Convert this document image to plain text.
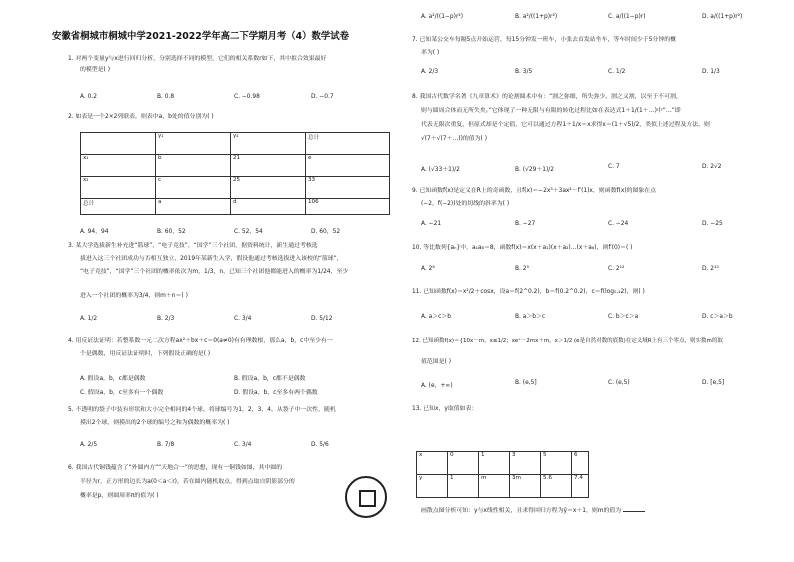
安徽省桐城市桐城中学2021-2022学年高二下学期月考（4）数学试卷
1. 对两个变量y与x进行回归分析，分别选择不同的模型，它们的相关系数r如下，其中拟合效果最好
的模型是( )
A. 0.2	B. 0.8	C. −0.98	D. −0.7
2. 如表是一个2×2列联表，则表中a，b处的值分别为( )
	y₁	y₂	总计
x₁	b	21	e
x₂	c	25	33
总计	a	d	106
A. 94，94	B. 60，52	C. 52，54	D. 60，52
3. 某大学选拔新生补充进“篮球”，“电子竞技”，“国学”三个社团，据资料统计，新生通过考核选
拔进入这三个社团成功与否相互独立，2019年某新生入学，假设他通过考核选拔进入该校的“篮球”，
“电子竞技”，“国学”三个社团的概率依次为m，1/3，n，已知三个社团他都能进入的概率为1/24，至少
进入一个社团的概率为3/4，则m＋n＝( )
A. 1/2	B. 2/3	C. 3/4	D. 5/12
4. 用反证法证明：若整系数一元二次方程ax²＋bx＋c＝0(a≠0)有有理数根，那么a，b，c中至少有一
个是偶数，用反证法证明时，下列假设正确的是( )
A. 假设a，b，c都是偶数	B. 假设a，b，c都不是偶数
C. 假设a，b，c至多有一个偶数	D. 假设a，b，c至多有两个偶数
5. 不透明的袋子中装有形状和大小完全相同的4个球，将球编号为1，2，3，4，从袋子中一次性，随机
摸出2个球，则摸出的2个球的编号之和为偶数的概率为( )
A. 2/5	B. 7/8	C. 3/4	D. 5/6
6. 我国古代铜钱蕴含了“外圆内方”“天地合一”的思想，现有一铜钱如图，其中圆的
半径为r，正方形的边长为a(0＜a＜r)，若在圆内随机取点，得到点取自阴影部分的
概率是p，则圆周率π的值为( )
A. a²/((1−p)r²)	B. a²/((1+p)r²)	C. a/((1−p)r)	D. a/((1+p)r²)
7. 已知某公交车每隔5点开始运营，每15分钟发一班车，小张去首发站坐车，等车时间少于5分钟的概
率为( )
A. 2/3	B. 3/5	C. 1/2	D. 1/3
8. 我国古代数学名著《九章算术》的论割圆术中有：“割之弥细，所失弥少，割之又割，以至于不可割，
则与圆周合体而无所失矣。”它体现了一种无限与有限的转化过程比如在表达式1＋1/(1＋…)中“…”即
代表无限次重复，但原式却是个定值，它可以通过方程1＋1/x＝x求得x＝(1＋√5)/2，类似上述过程及方法，则
√(7＋√(7＋…))的值为( )
A. (√33＋1)/2	B. (√29＋1)/2	C. 7	D. 2√2
9. 已知函数f(x)是定义在R上的奇函数，且f(x)＝−2x³＋3ax²－f′(1)x，则函数f(x)的图象在点
(−2，f(−2))处的切线的斜率为( )
A. −21	B. −27	C. −24	D. −25
10. 等比数列{aₙ}中，a₁a₈＝8，函数f(x)＝x(x＋a₁)(x＋a₂)…(x＋a₈)，则f′(0)＝( )
A. 2⁶	B. 2⁹	C. 2¹²	D. 2¹⁵
11. 已知函数f(x)＝x²/2＋cosx，设a＝f(2^0.2)，b＝f(0.2^0.2)，c＝f(log₀.₂2)，则( )
A. a＞c＞b	B. a＞b＞c	C. b＞c＞a	D. c＞a＞b
12. 已知函数f(x)＝{10x－m，x≤1/2；xeˣ－2mx＋m，x＞1/2 (e是自然对数的底数)在定义域R上有三个零点，则实数m的取
值范围是( )
A. (e，+∞)	B. (e,5]	C. (e,5)	D. [e,5]
13. 已知x，y取值如表：
x	0	1	3	5	6
y	1	m	3m	5.6	7.4
画散点图分析可知：y与x线性相关，且求得回归方程为ŷ＝x＋1，则m的值为
